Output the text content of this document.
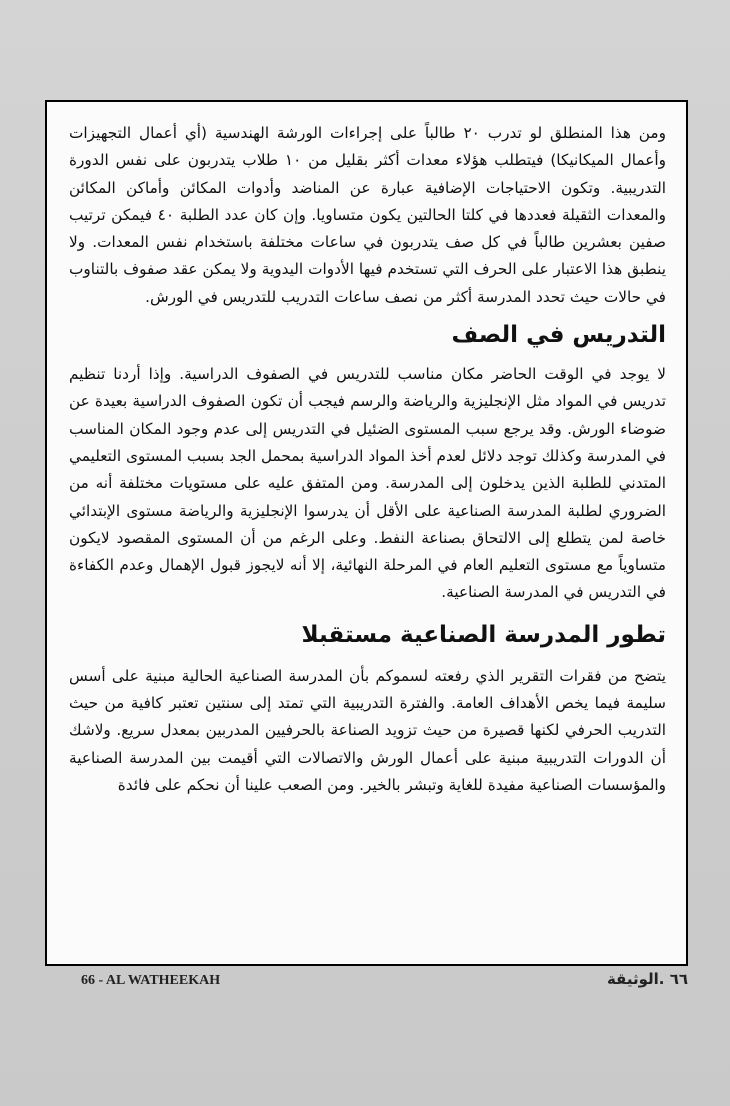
ومن هذا المنطلق لو تدرب ٢٠ طالباً على إجراءات الورشة الهندسية (أي أعمال التجهيزات وأعمال الميكانيكا) فيتطلب هؤلاء معدات أكثر بقليل من ١٠ طلاب يتدربون على نفس الدورة التدريبية. وتكون الاحتياجات الإضافية عبارة عن المناضد وأدوات المكائن وأماكن المكائن والمعدات الثقيلة فعددها في كلتا الحالتين يكون متساويا. وإن كان عدد الطلبة ٤٠ فيمكن ترتيب صفين بعشرين طالباً في كل صف يتدربون في ساعات مختلفة باستخدام نفس المعدات. ولا ينطبق هذا الاعتبار على الحرف التي تستخدم فيها الأدوات اليدوية ولا يمكن عقد صفوف بالتناوب في حالات حيث تحدد المدرسة أكثر من نصف ساعات التدريب للتدريس في الورش.

التدريس في الصف

لا يوجد في الوقت الحاضر مكان مناسب للتدريس في الصفوف الدراسية. وإذا أردنا تنظيم تدريس في المواد مثل الإنجليزية والرياضة والرسم فيجب أن تكون الصفوف الدراسية بعيدة عن ضوضاء الورش. وقد يرجع سبب المستوى الضئيل في التدريس إلى عدم وجود المكان المناسب في المدرسة وكذلك توجد دلائل لعدم أخذ المواد الدراسية بمحمل الجد بسبب المستوى التعليمي المتدني للطلبة الذين يدخلون إلى المدرسة. ومن المتفق عليه على مستويات مختلفة أنه من الضروري لطلبة المدرسة الصناعية على الأقل أن يدرسوا الإنجليزية والرياضة مستوى الإبتدائي خاصة لمن يتطلع إلى الالتحاق بصناعة النفط. وعلى الرغم من أن المستوى المقصود لايكون متساوياً مع مستوى التعليم العام في المرحلة النهائية، إلا أنه لايجوز قبول الإهمال وعدم الكفاءة في التدريس في المدرسة الصناعية.

تطور المدرسة الصناعية مستقبلا

يتضح من فقرات التقرير الذي رفعته لسموكم بأن المدرسة الصناعية الحالية مبنية على أسس سليمة فيما يخص الأهداف العامة. والفترة التدريبية التي تمتد إلى سنتين تعتبر كافية من حيث التدريب الحرفي لكنها قصيرة من حيث تزويد الصناعة بالحرفيين المدربين بمعدل سريع. ولاشك أن الدورات التدريبية مبنية على أعمال الورش والاتصالات التي أقيمت بين المدرسة الصناعية والمؤسسات الصناعية مفيدة للغاية وتبشر بالخير. ومن الصعب علينا أن نحكم على فائدة

66 - AL WATHEEKAH	٦٦ .الوثيقة
